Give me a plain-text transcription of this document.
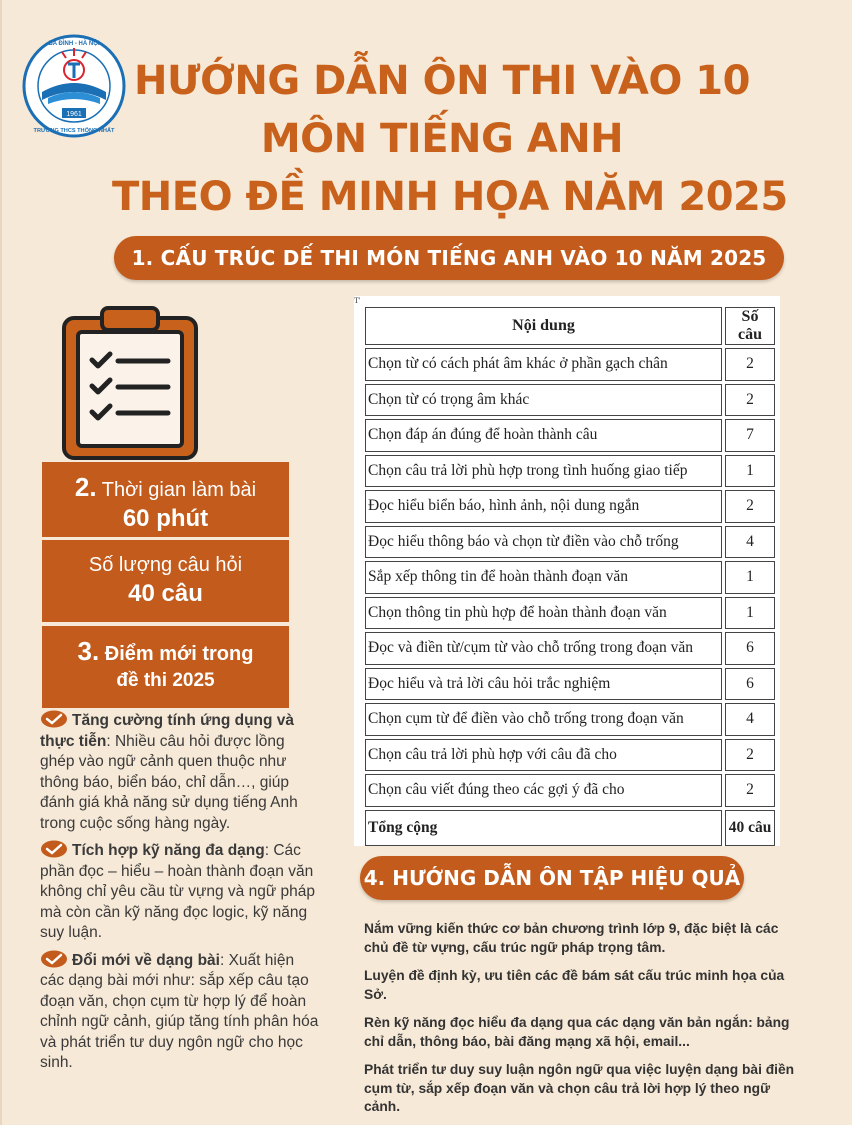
1961
BA ĐÌNH - HÀ NỘI
TRƯỜNG THCS THỐNG NHẤT
HƯỚNG DẪN ÔN THI VÀO 10
MÔN TIẾNG ANH
THEO ĐỀ MINH HỌA NĂM 2025
1. CẤU TRÚC DẾ THI MÓN TIẾNG ANH VÀO 10 NĂM 2025
2. Thời gian làm bài
60 phút
Số lượng câu hỏi
40 câu
3. Điểm mới trong
đề thi 2025

Tăng cường tính ứng dụng và thực tiễn: Nhiều câu hỏi được lồng ghép vào ngữ cảnh quen thuộc như thông báo, biển báo, chỉ dẫn…, giúp đánh giá khả năng sử dụng tiếng Anh trong cuộc sống hàng ngày.

Tích hợp kỹ năng đa dạng: Các phần đọc – hiểu – hoàn thành đoạn văn không chỉ yêu cầu từ vựng và ngữ pháp mà còn cần kỹ năng đọc logic, kỹ năng suy luận.

Đổi mới về dạng bài: Xuất hiện các dạng bài mới như: sắp xếp câu tạo đoạn văn, chọn cụm từ hợp lý để hoàn chỉnh ngữ cảnh, giúp tăng tính phân hóa và phát triển tư duy ngôn ngữ cho học sinh.

T'
Nội dung	Số câu
Chọn từ có cách phát âm khác ở phần gạch chân	2
Chọn từ có trọng âm khác	2
Chọn đáp án đúng để hoàn thành câu	7
Chọn câu trả lời phù hợp trong tình huống giao tiếp	1
Đọc hiểu biển báo, hình ảnh, nội dung ngắn	2
Đọc hiểu thông báo và chọn từ điền vào chỗ trống	4
Sắp xếp thông tin để hoàn thành đoạn văn	1
Chọn thông tin phù hợp để hoàn thành đoạn văn	1
Đọc và điền từ/cụm từ vào chỗ trống trong đoạn văn	6
Đọc hiểu và trả lời câu hỏi trắc nghiệm	6
Chọn cụm từ để điền vào chỗ trống trong đoạn văn	4
Chọn câu trả lời phù hợp với câu đã cho	2
Chọn câu viết đúng theo các gợi ý đã cho	2
Tổng cộng	40 câu
4. HƯỚNG DẪN ÔN TẬP HIỆU QUẢ

Nắm vững kiến thức cơ bản chương trình lớp 9, đặc biệt là các chủ đề từ vựng, cấu trúc ngữ pháp trọng tâm.

Luyện đề định kỳ, ưu tiên các đề bám sát cấu trúc minh họa của Sở.

Rèn kỹ năng đọc hiểu đa dạng qua các dạng văn bản ngắn: bảng chỉ dẫn, thông báo, bài đăng mạng xã hội, email...

Phát triển tư duy suy luận ngôn ngữ qua việc luyện dạng bài điền cụm từ, sắp xếp đoạn văn và chọn câu trả lời hợp lý theo ngữ cảnh.
